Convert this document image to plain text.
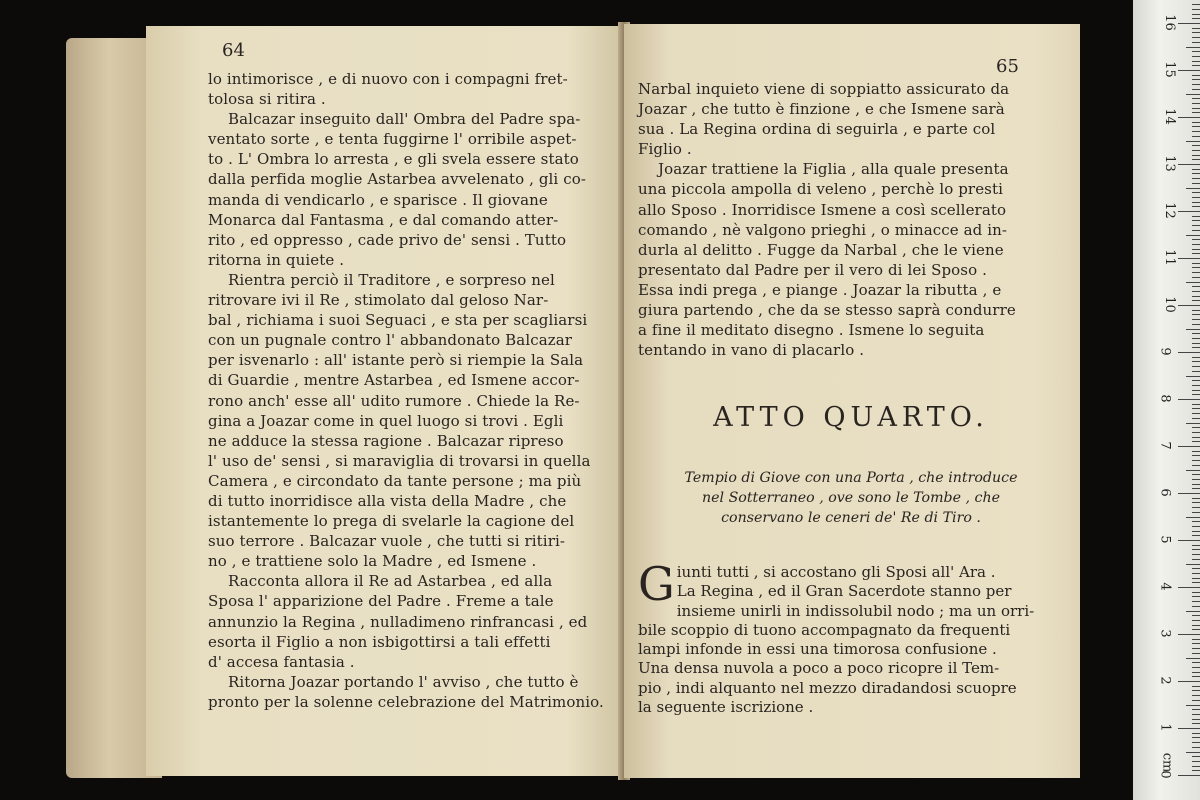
64

lo intimorisce , e di nuovo con i compagni fret-
tolosa si ritira .

Balcazar inseguito dall' Ombra del Padre spa-
ventato sorte , e tenta fuggirne l' orribile aspet-
to . L' Ombra lo arresta , e gli svela essere stato
dalla perfida moglie Astarbea avvelenato , gli co-
manda di vendicarlo , e sparisce . Il giovane
Monarca dal Fantasma , e dal comando atter-
rito , ed oppresso , cade privo de' sensi . Tutto
ritorna in quiete .

Rientra perciò il Traditore , e sorpreso nel
ritrovare ivi il Re , stimolato dal geloso Nar-
bal , richiama i suoi Seguaci , e sta per scagliarsi
con un pugnale contro l' abbandonato Balcazar
per isvenarlo : all' istante però si riempie la Sala
di Guardie , mentre Astarbea , ed Ismene accor-
rono anch' esse all' udito rumore . Chiede la Re-
gina a Joazar come in quel luogo si trovi . Egli
ne adduce la stessa ragione . Balcazar ripreso
l' uso de' sensi , si maraviglia di trovarsi in quella
Camera , e circondato da tante persone ; ma più
di tutto inorridisce alla vista della Madre , che
istantemente lo prega di svelarle la cagione del
suo terrore . Balcazar vuole , che tutti si ritiri-
no , e trattiene solo la Madre , ed Ismene .

Racconta allora il Re ad Astarbea , ed alla
Sposa l' apparizione del Padre . Freme a tale
annunzio la Regina , nulladimeno rinfrancasi , ed
esorta il Figlio a non isbigottirsi a tali effetti
d' accesa fantasia .

Ritorna Joazar portando l' avviso , che tutto è
pronto per la solenne celebrazione del Matrimonio.

65

Narbal inquieto viene di soppiatto assicurato da
Joazar , che tutto è finzione , e che Ismene sarà
sua . La Regina ordina di seguirla , e parte col
Figlio .

Joazar trattiene la Figlia , alla quale presenta
una piccola ampolla di veleno , perchè lo presti
allo Sposo . Inorridisce Ismene a così scellerato
comando , nè valgono prieghi , o minacce ad in-
durla al delitto . Fugge da Narbal , che le viene
presentato dal Padre per il vero di lei Sposo .
Essa indi prega , e piange . Joazar la ributta , e
giura partendo , che da se stesso saprà condurre
a fine il meditato disegno . Ismene lo seguita
tentando in vano di placarlo .

ATTO QUARTO.
Tempio di Giove con una Porta , che introduce
nel Sotterraneo , ove sono le Tombe , che
conservano le ceneri de' Re di Tiro .
G iunti tutti , si accostano gli Sposi all' Ara .
La Regina , ed il Gran Sacerdote stanno per
insieme unirli in indissolubil nodo ; ma un orri-
bile scoppio di tuono accompagnato da frequenti
lampi infonde in essi una timorosa confusione .
Una densa nuvola a poco a poco ricopre il Tem-
pio , indi alquanto nel mezzo diradandosi scuopre
la seguente iscrizione .
0
1
2
3
4
5
6
7
8
9
10
11
12
13
14
15
16
cm
